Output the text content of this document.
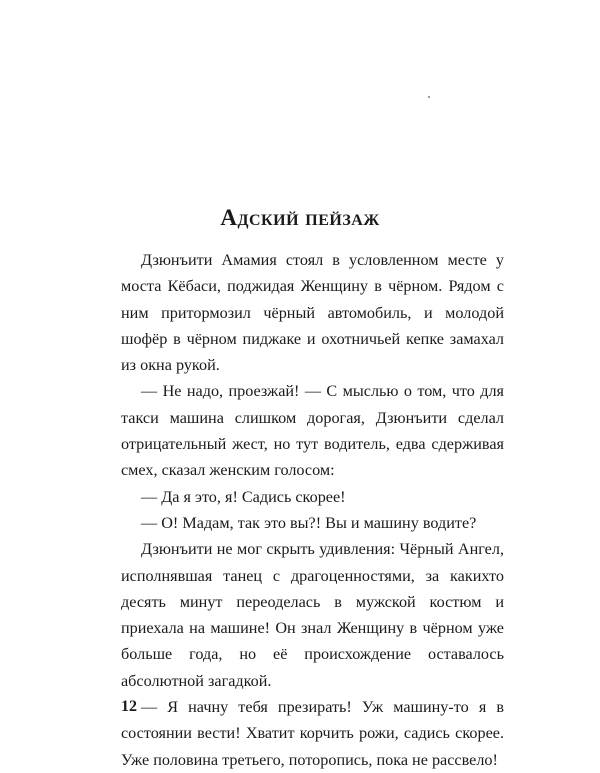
Адский пейзаж

Дзюнъити Амамия стоял в условленном месте у моста Кёбаси, поджидая Женщину в чёрном. Рядом с ним притормозил чёрный автомобиль, и молодой шофёр в чёрном пиджаке и охотничьей кепке замахал из окна рукой.

— Не надо, проезжай! — С мыслью о том, что для такси машина слишком дорогая, Дзюнъити сделал отрицательный жест, но тут водитель, едва сдерживая смех, сказал женским голосом:

— Да я это, я! Садись скорее!

— О! Мадам, так это вы?! Вы и машину водите?

Дзюнъити не мог скрыть удивления: Чёрный Ангел, исполнявшая танец с драгоценностями, за какихто десять минут переоделась в мужской костюм и приехала на машине! Он знал Женщину в чёрном уже больше года, но её происхождение оставалось абсолютной загадкой.

— Я начну тебя презирать! Уж машину-то я в состоянии вести! Хватит корчить рожи, садись скорее. Уже половина третьего, поторопись, пока не рассвело!

12
